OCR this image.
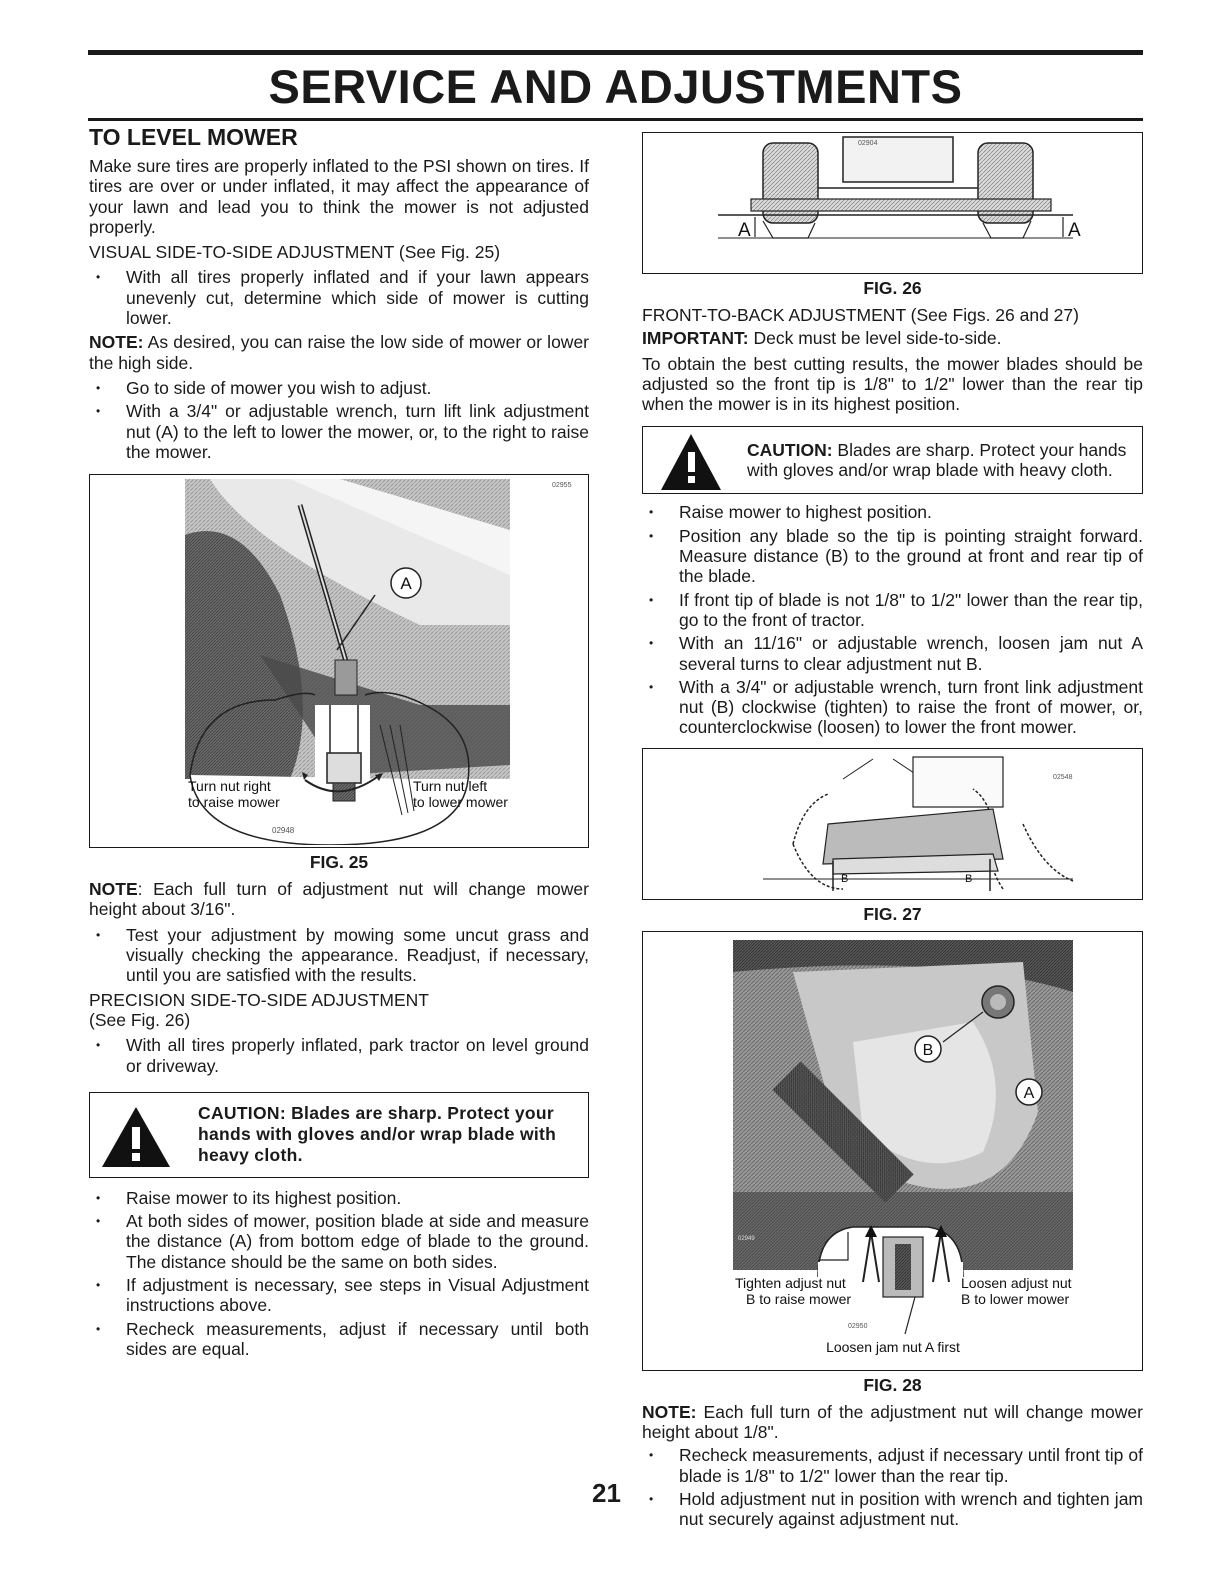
SERVICE AND ADJUSTMENTS
TO LEVEL MOWER

Make sure tires are properly inflated to the PSI shown on tires. If tires are over or under inflated, it may affect the appearance of your lawn and lead you to think the mower is not adjusted properly.

VISUAL SIDE-TO-SIDE ADJUSTMENT (See Fig. 25)

• With all tires properly inflated and if your lawn appears unevenly cut, determine which side of mower is cutting lower.

NOTE: As desired, you can raise the low side of mower or lower the high side.

• Go to side of mower you wish to adjust.
• With a 3/4" or adjustable wrench, turn lift link adjustment nut (A) to the left to lower the mower, or, to the right to raise the mower.
A
02955
Turn nut right
to raise mower
Turn nut left
to lower mower
02948
FIG. 25

NOTE: Each full turn of adjustment nut will change mower height about 3/16".

• Test your adjustment by mowing some uncut grass and visually checking the appearance. Readjust, if necessary, until you are satisfied with the results.

PRECISION SIDE-TO-SIDE ADJUSTMENT

(See Fig. 26)

• With all tires properly inflated, park tractor on level ground or driveway.
CAUTION: Blades are sharp. Protect your hands with gloves and/or wrap blade with heavy cloth.
• Raise mower to its highest position.
• At both sides of mower, position blade at side and measure the distance (A) from bottom edge of blade to the ground. The distance should be the same on both sides.
• If adjustment is necessary, see steps in Visual Adjustment instructions above.
• Recheck measurements, adjust if necessary until both sides are equal.
02904
A	A
FIG. 26

FRONT-TO-BACK ADJUSTMENT (See Figs. 26 and 27)

IMPORTANT: Deck must be level side-to-side.

To obtain the best cutting results, the mower blades should be adjusted so the front tip is 1/8" to 1/2" lower than the rear tip when the mower is in its highest position.

CAUTION: Blades are sharp. Protect your hands with gloves and/or wrap blade with heavy cloth.
• Raise mower to highest position.
• Position any blade so the tip is pointing straight forward. Measure distance (B) to the ground at front and rear tip of the blade.
• If front tip of blade is not 1/8" to 1/2" lower than the rear tip, go to the front of tractor.
• With an 11/16" or adjustable wrench, loosen jam nut A several turns to clear adjustment nut B.
• With a 3/4" or adjustable wrench, turn front link adjustment nut (B) clockwise (tighten) to raise the front of mower, or, counterclockwise (loosen) to lower the front mower.
02548
B	B
FIG. 27
B
A
02949
Tighten adjust nut
B to raise mower
Loosen adjust nut
B to lower mower
02950
Loosen jam nut A first
FIG. 28

NOTE: Each full turn of the adjustment nut will change mower height about 1/8".

• Recheck measurements, adjust if necessary until front tip of blade is 1/8" to 1/2" lower than the rear tip.
• Hold adjustment nut in position with wrench and tighten jam nut securely against adjustment nut.
21
